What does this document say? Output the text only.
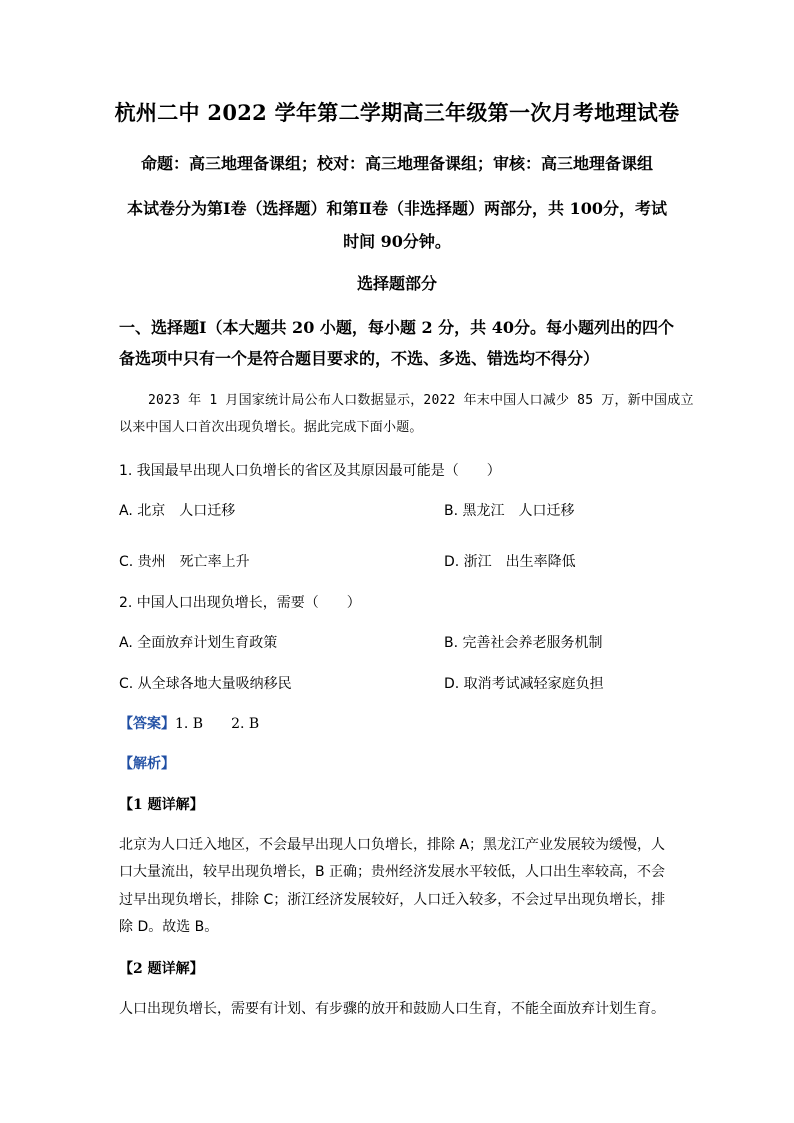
杭州二中 2022 学年第二学期高三年级第一次月考地理试卷
命题：高三地理备课组；校对：高三地理备课组；审核：高三地理备课组
本试卷分为第Ⅰ卷（选择题）和第Ⅱ卷（非选择题）两部分，共 100分，考试
时间 90分钟。
选择题部分
一、选择题Ⅰ（本大题共 20 小题，每小题 2 分，共 40分。每小题列出的四个
备选项中只有一个是符合题目要求的，不选、多选、错选均不得分）
2023 年 1 月国家统计局公布人口数据显示，2022 年末中国人口减少 85 万，新中国成立
以来中国人口首次出现负增长。据此完成下面小题。
1. 我国最早出现人口负增长的省区及其原因最可能是（　　）
A. 北京　人口迁移	B. 黑龙江　人口迁移
C. 贵州　死亡率上升	D. 浙江　出生率降低
2. 中国人口出现负增长，需要（　　）
A. 全面放弃计划生育政策	B. 完善社会养老服务机制
C. 从全球各地大量吸纳移民	D. 取消考试减轻家庭负担
【答案】1. B　　2. B
【解析】
【1 题详解】
北京为人口迁入地区，不会最早出现人口负增长，排除 A；黑龙江产业发展较为缓慢，人
口大量流出，较早出现负增长，B 正确；贵州经济发展水平较低，人口出生率较高，不会
过早出现负增长，排除 C；浙江经济发展较好，人口迁入较多，不会过早出现负增长，排
除 D。故选 B。
【2 题详解】
人口出现负增长，需要有计划、有步骤的放开和鼓励人口生育，不能全面放弃计划生育。
